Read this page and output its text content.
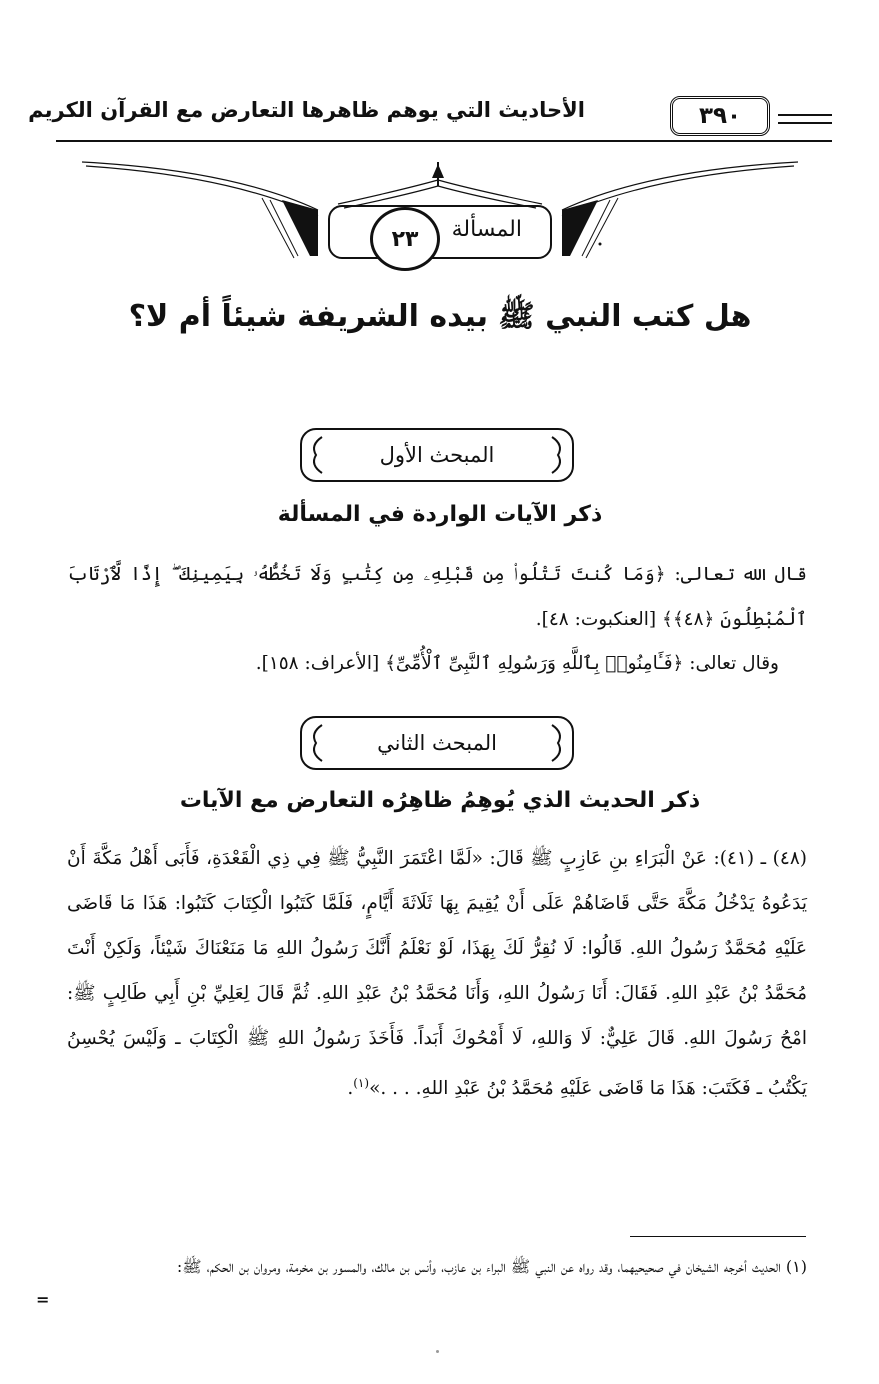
٣٩٠
الأحاديث التي يوهم ظاهرها التعارض مع القرآن الكريم
المسألة
٢٣
هل كتب النبي ﷺ بيده الشريفة شيئاً أم لا؟
المبحث الأول
ذكر الآيات الواردة في المسألة
قال الله تعالى: ﴿وَمَا كُنتَ تَتْلُوا۟ مِن قَبْلِهِۦ مِن كِتَٰبٍ وَلَا تَخُطُّهُۥ بِيَمِينِكَ ۖ إِذًا لَّٱرْتَابَ ٱلْمُبْطِلُونَ ﴿٤٨﴾﴾ [العنكبوت: ٤٨].
وقال تعالى: ﴿فَـَٔامِنُوا۟ بِٱللَّهِ وَرَسُولِهِ ٱلنَّبِىِّ ٱلْأُمِّىِّ﴾ [الأعراف: ١٥٨].
المبحث الثاني
ذكر الحديث الذي يُوهِمُ ظاهِرُه التعارض مع الآيات
(٤٨) ـ (٤١): عَنْ الْبَرَاءِ بنِ عَازِبٍ ﷺ قَالَ: «لَمَّا اعْتَمَرَ النَّبِيُّ ﷺ فِي ذِي الْقَعْدَةِ، فَأَبَى أَهْلُ مَكَّةَ أَنْ يَدَعُوهُ يَدْخُلُ مَكَّةَ حَتَّى قَاضَاهُمْ عَلَى أَنْ يُقِيمَ بِهَا ثَلَاثَةَ أَيَّامٍ، فَلَمَّا كَتَبُوا الْكِتَابَ كَتَبُوا: هَذَا مَا قَاضَى عَلَيْهِ مُحَمَّدٌ رَسُولُ اللهِ. قَالُوا: لَا نُقِرُّ لَكَ بِهَذَا، لَوْ نَعْلَمُ أَنَّكَ رَسُولُ اللهِ مَا مَنَعْنَاكَ شَيْئاً، وَلَكِنْ أَنْتَ مُحَمَّدُ بْنُ عَبْدِ اللهِ. فَقَالَ: أَنَا رَسُولُ اللهِ، وَأَنَا مُحَمَّدُ بْنُ عَبْدِ اللهِ. ثُمَّ قَالَ لِعَلِيِّ بْنِ أَبِي طَالِبٍ ﷺ: امْحُ رَسُولَ اللهِ. قَالَ عَلِيٌّ: لَا وَاللهِ، لَا أَمْحُوكَ أَبَداً. فَأَخَذَ رَسُولُ اللهِ ﷺ الْكِتَابَ ـ وَلَيْسَ يُحْسِنُ يَكْتُبُ ـ فَكَتَبَ: هَذَا مَا قَاضَى عَلَيْهِ مُحَمَّدُ بْنُ عَبْدِ اللهِ. . . .»$^{(١)}$.
(١) الحديث أخرجه الشيخان في صحيحيهما، وقد رواه عن النبي ﷺ البراء بن عازب، وأنس بن مالك، والمسور بن مخرمة، ومروان بن الحكم، ﷺ:
=
